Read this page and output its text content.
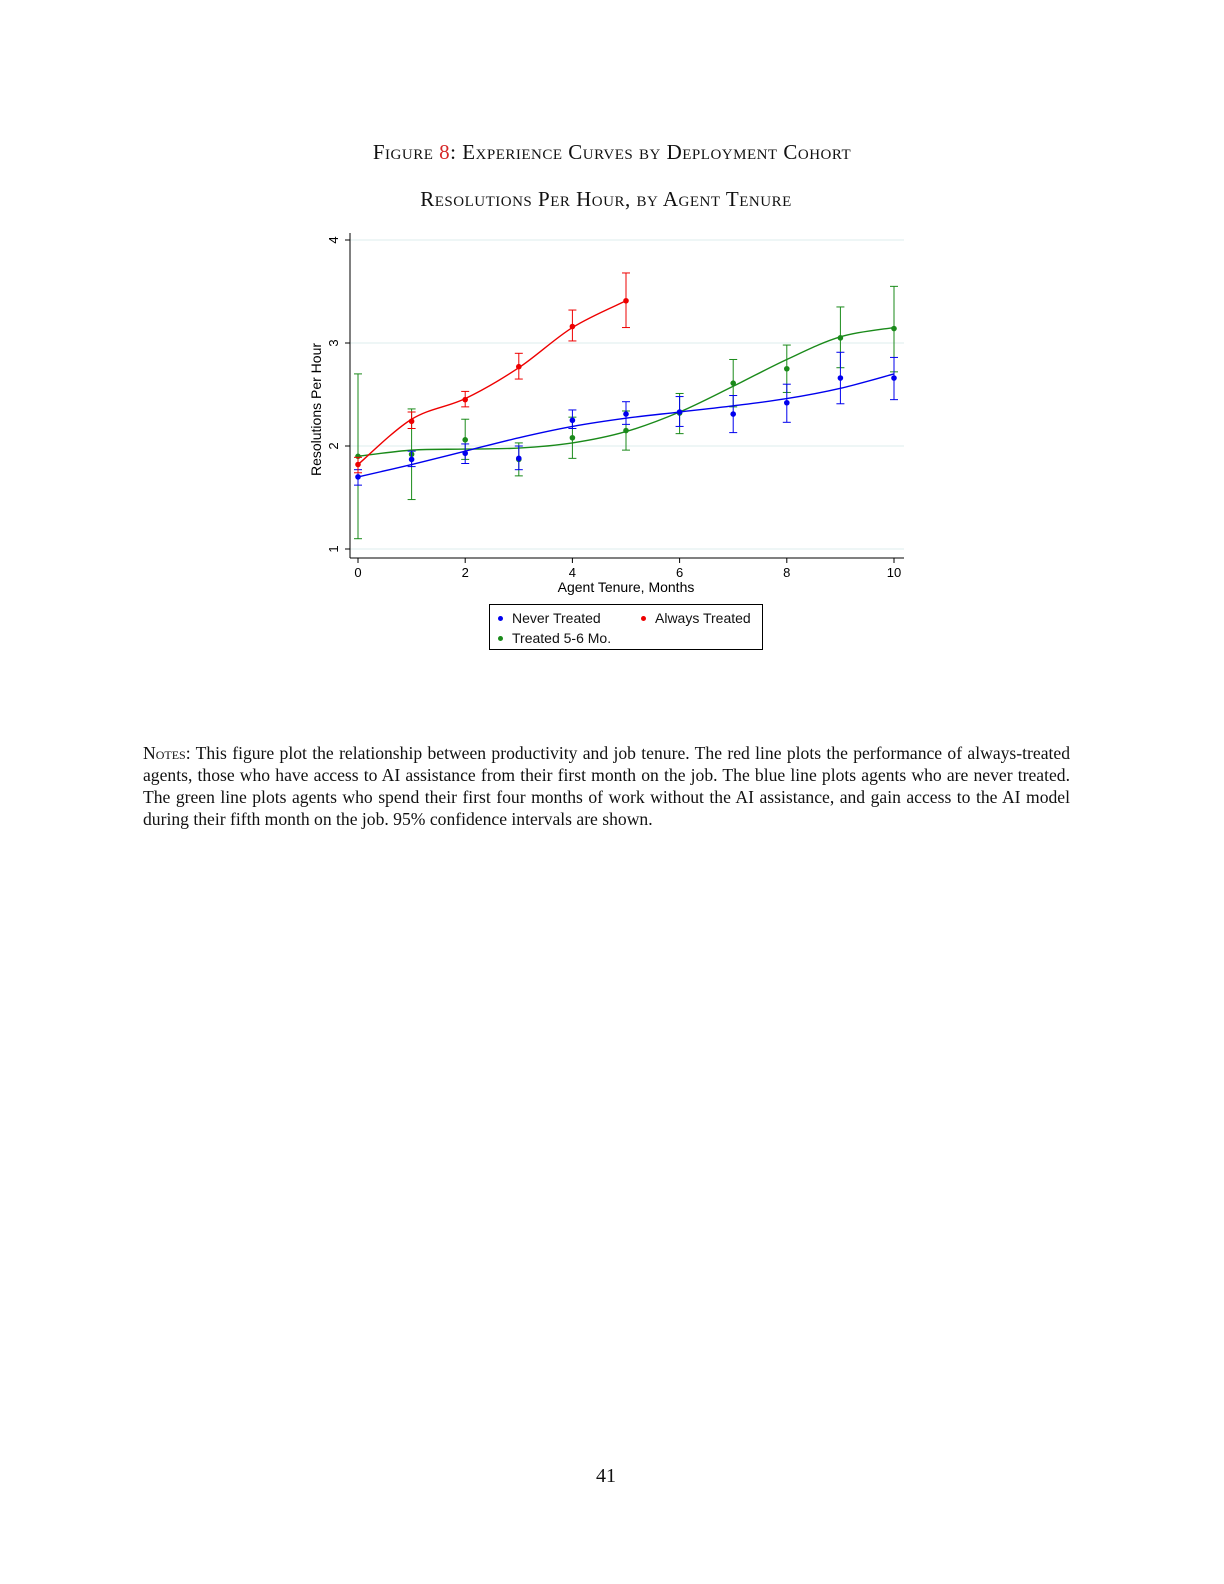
Figure 8: Experience Curves by Deployment Cohort
Resolutions Per Hour, by Agent Tenure
1
2
3
4
0	2	4	6	8	10
Agent Tenure, Months
Resolutions Per Hour
Never Treated	Always Treated
Treated 5-6 Mo.
Notes: This figure plot the relationship between productivity and job tenure. The red line plots the performance of always-treated agents, those who have access to AI assistance from their first month on the job. The blue line plots agents who are never treated. The green line plots agents who spend their first four months of work without the AI assistance, and gain access to the AI model during their fifth month on the job. 95% confidence intervals are shown.
41
